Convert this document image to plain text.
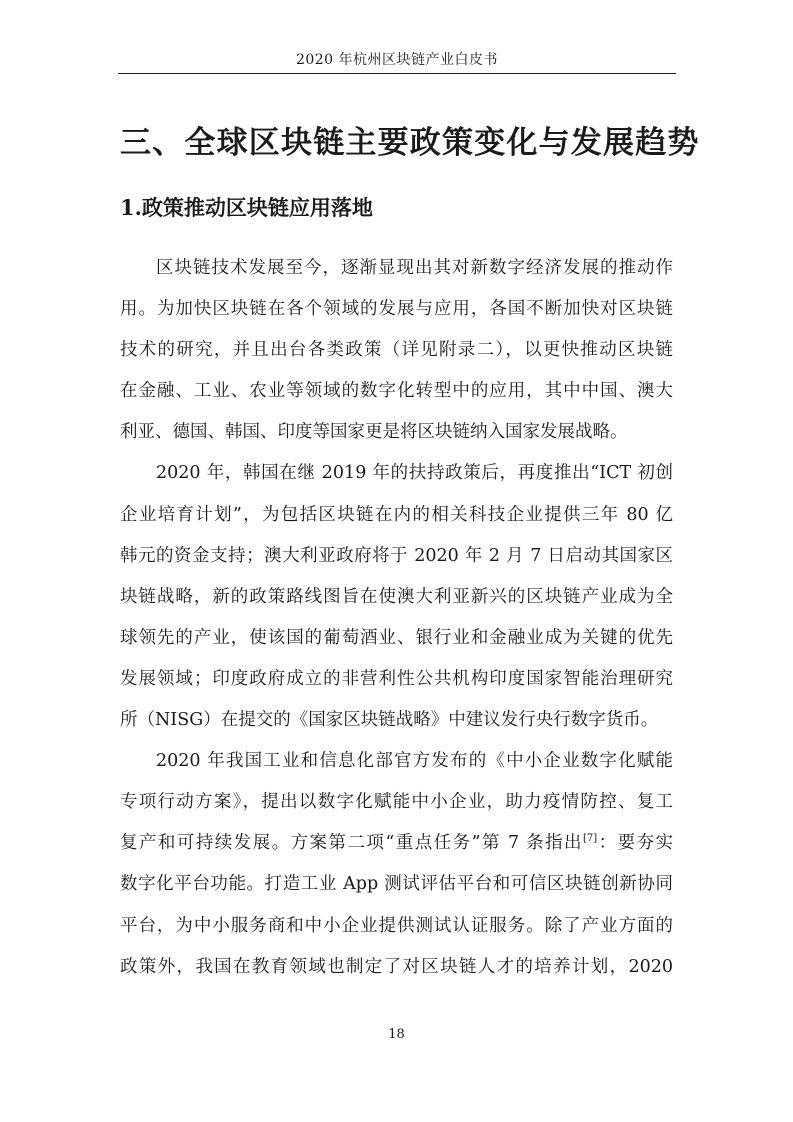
2020 年杭州区块链产业白皮书
三、全球区块链主要政策变化与发展趋势
1.政策推动区块链应用落地
区块链技术发展至今，逐渐显现出其对新数字经济发展的推动作
用。为加快区块链在各个领域的发展与应用，各国不断加快对区块链
技术的研究，并且出台各类政策（详见附录二），以更快推动区块链
在金融、工业、农业等领域的数字化转型中的应用，其中中国、澳大
利亚、德国、韩国、印度等国家更是将区块链纳入国家发展战略。
2020 年，韩国在继 2019 年的扶持政策后，再度推出“ICT 初创
企业培育计划”，为包括区块链在内的相关科技企业提供三年 80 亿
韩元的资金支持；澳大利亚政府将于 2020 年 2 月 7 日启动其国家区
块链战略，新的政策路线图旨在使澳大利亚新兴的区块链产业成为全
球领先的产业，使该国的葡萄酒业、银行业和金融业成为关键的优先
发展领域；印度政府成立的非营利性公共机构印度国家智能治理研究
所（NISG）在提交的《国家区块链战略》中建议发行央行数字货币。
2020 年我国工业和信息化部官方发布的《中小企业数字化赋能
专项行动方案》，提出以数字化赋能中小企业，助力疫情防控、复工
复产和可持续发展。方案第二项“重点任务”第 7 条指出[7]：要夯实
数字化平台功能。打造工业 App 测试评估平台和可信区块链创新协同
平台，为中小服务商和中小企业提供测试认证服务。除了产业方面的
政策外，我国在教育领域也制定了对区块链人才的培养计划，2020
18
